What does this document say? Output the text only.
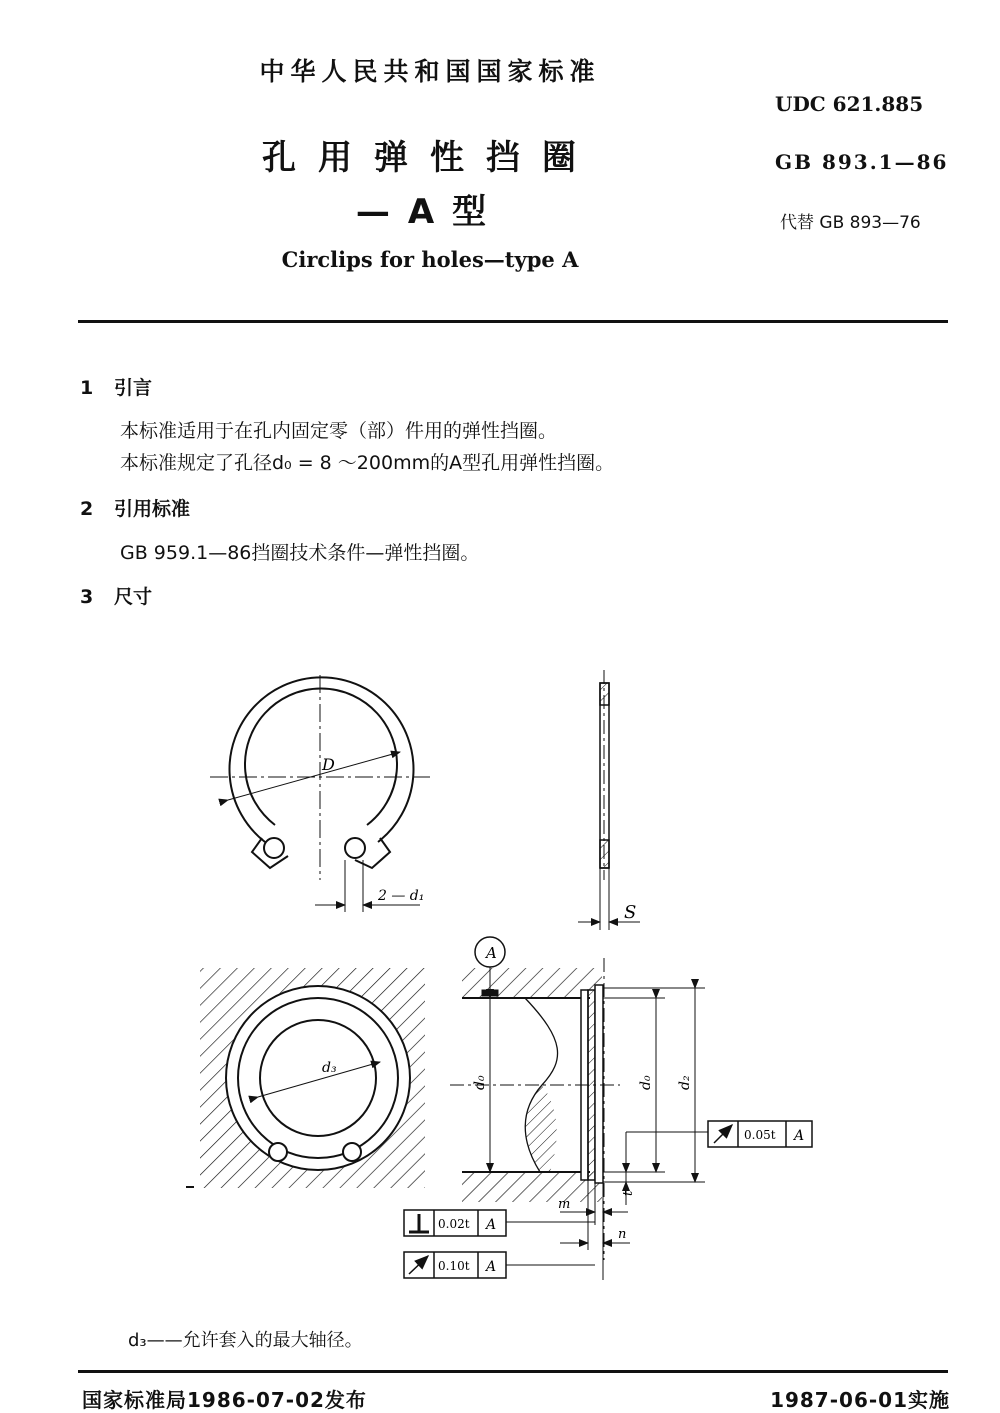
中华人民共和国国家标准
孔用弹性挡圈
—A型
Circlips for holes—type A
UDC 621.885
GB 893.1—86
代替 GB 893—76
1 引言
本标准适用于在孔内固定零（部）件用的弹性挡圈。
本标准规定了孔径d₀ = 8 ～200mm的A型孔用弹性挡圈。
2 引用标准
GB 959.1—86挡圈技术条件—弹性挡圈。
3 尺寸
D
2 — d₁
S
d₃
A
d₀	d₀ d₂
m
n
t
0.05t A
0.02t A
0.10t A
d₃——允许套入的最大轴径。
国家标准局1986-07-02发布	1987-06-01实施
